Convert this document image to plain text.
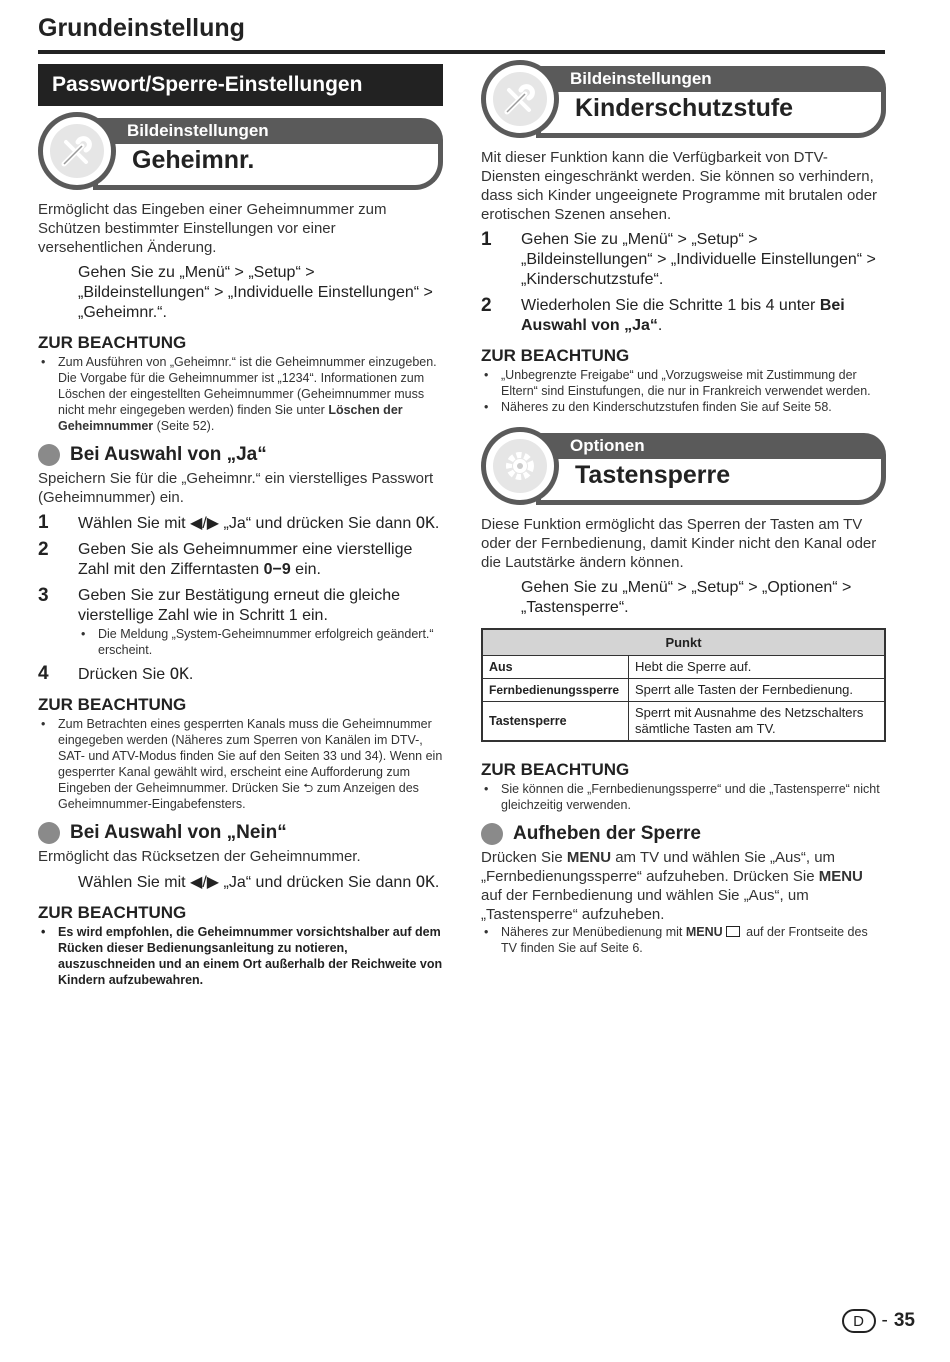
Grundeinstellung
Passwort/Sperre-Einstellungen
Bildeinstellungen
Geheimnr.

Ermöglicht das Eingeben einer Geheimnummer zum Schützen bestimmter Einstellungen vor einer versehentlichen Änderung.

Gehen Sie zu „Menü“ > „Setup“ > „Bildeinstellungen“ > „Individuelle Einstellungen“ > „Geheimnr.“.

ZUR BEACHTUNG
• Zum Ausführen von „Geheimnr.“ ist die Geheimnummer einzugeben. Die Vorgabe für die Geheimnummer ist „1234“. Informationen zum Löschen der eingestellten Geheimnummer (Geheimnummer muss nicht mehr eingegeben werden) finden Sie unter Löschen der Geheimnummer (Seite 52).
Bei Auswahl von „Ja“

Speichern Sie für die „Geheimnr.“ ein vierstelliges Passwort (Geheimnummer) ein.

1	Wählen Sie mit ◀/▶ „Ja“ und drücken Sie dann OK.
2	Geben Sie als Geheimnummer eine vierstellige Zahl mit den Zifferntasten 0−9 ein.
3	Geben Sie zur Bestätigung erneut die gleiche vierstellige Zahl wie in Schritt 1 ein.
• Die Meldung „System-Geheimnummer erfolgreich geändert.“ erscheint.
4	Drücken Sie OK.
ZUR BEACHTUNG
• Zum Betrachten eines gesperrten Kanals muss die Geheimnummer eingegeben werden (Näheres zum Sperren von Kanälen im DTV-, SAT- und ATV-Modus finden Sie auf den Seiten 33 und 34). Wenn ein gesperrter Kanal gewählt wird, erscheint eine Aufforderung zum Eingeben der Geheimnummer. Drücken Sie ⮌ zum Anzeigen des Geheimnummer-Eingabefensters.
Bei Auswahl von „Nein“

Ermöglicht das Rücksetzen der Geheimnummer.

Wählen Sie mit ◀/▶ „Ja“ und drücken Sie dann OK.

ZUR BEACHTUNG
• Es wird empfohlen, die Geheimnummer vorsichtshalber auf dem Rücken dieser Bedienungsanleitung zu notieren, auszuschneiden und an einem Ort außerhalb der Reichweite von Kindern aufzubewahren.
Bildeinstellungen
Kinderschutzstufe

Mit dieser Funktion kann die Verfügbarkeit von DTV-Diensten eingeschränkt werden. Sie können so verhindern, dass sich Kinder ungeeignete Programme mit brutalen oder erotischen Szenen ansehen.

1	Gehen Sie zu „Menü“ > „Setup“ > „Bildeinstellungen“ > „Individuelle Einstellungen“ > „Kinderschutzstufe“.
2	Wiederholen Sie die Schritte 1 bis 4 unter Bei Auswahl von „Ja“.
ZUR BEACHTUNG
• „Unbegrenzte Freigabe“ und „Vorzugsweise mit Zustimmung der Eltern“ sind Einstufungen, die nur in Frankreich verwendet werden.
• Näheres zu den Kinderschutzstufen finden Sie auf Seite 58.
Optionen
Tastensperre

Diese Funktion ermöglicht das Sperren der Tasten am TV oder der Fernbedienung, damit Kinder nicht den Kanal oder die Lautstärke ändern können.

Gehen Sie zu „Menü“ > „Setup“ > „Optionen“ > „Tastensperre“.

Punkt	
Aus	Hebt die Sperre auf.
Fernbedienungssperre	Sperrt alle Tasten der Fernbedienung.
Tastensperre	Sperrt mit Ausnahme des Netzschalters sämtliche Tasten am TV.
ZUR BEACHTUNG
• Sie können die „Fernbedienungssperre“ und die „Tastensperre“ nicht gleichzeitig verwenden.
Aufheben der Sperre

Drücken Sie MENU am TV und wählen Sie „Aus“, um „Fernbedienungssperre“ aufzuheben. Drücken Sie MENU auf der Fernbedienung und wählen Sie „Aus“, um „Tastensperre“ aufzuheben.

• Näheres zur Menübedienung mit MENU auf der Frontseite des TV finden Sie auf Seite 6.
D - 35
